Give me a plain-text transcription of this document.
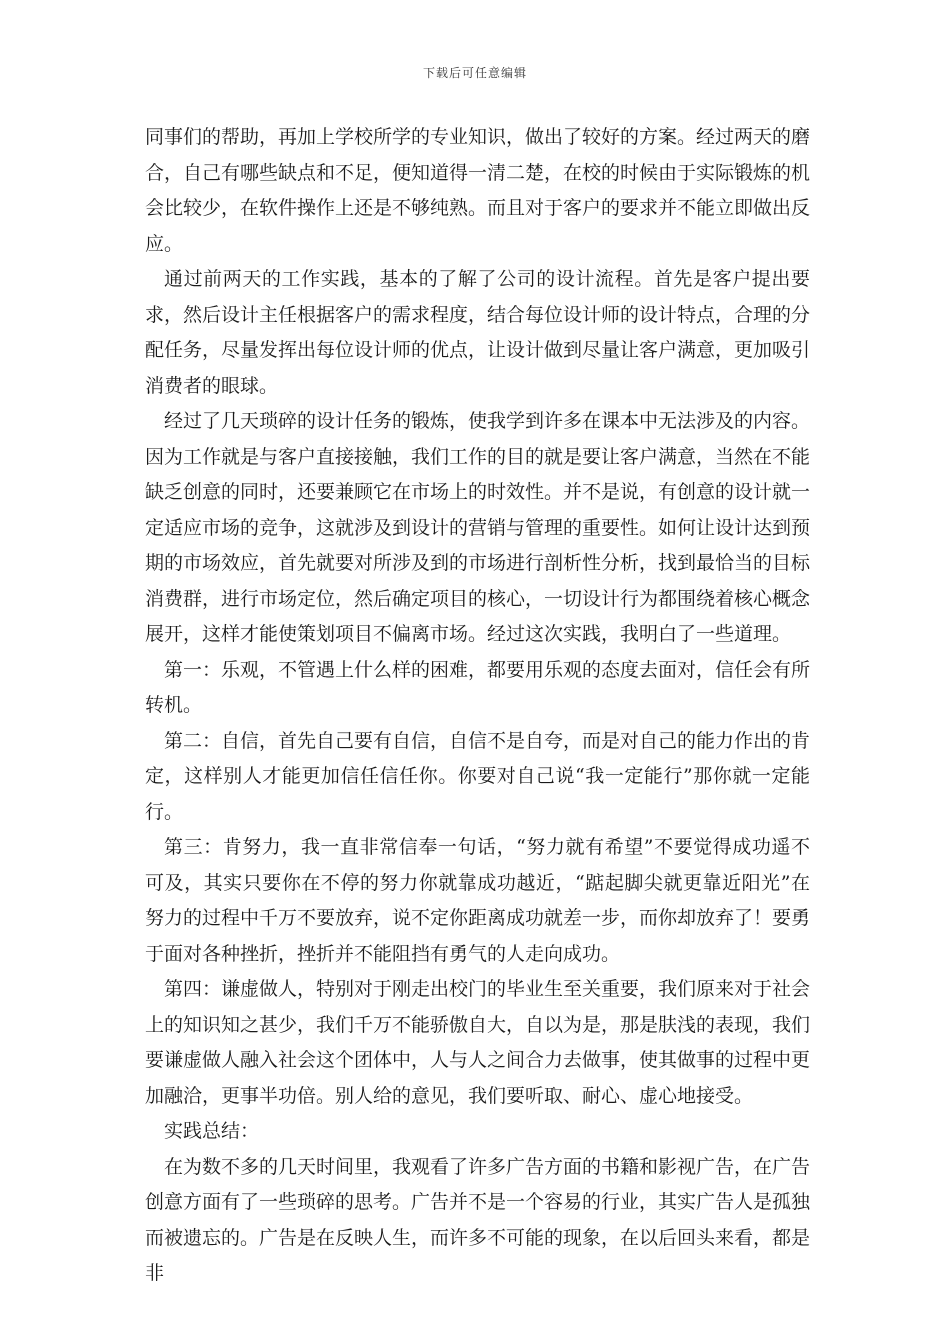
下载后可任意编辑

同事们的帮助，再加上学校所学的专业知识，做出了较好的方案。经过两天的磨合，自己有哪些缺点和不足，便知道得一清二楚，在校的时候由于实际锻炼的机会比较少，在软件操作上还是不够纯熟。而且对于客户的要求并不能立即做出反应。

通过前两天的工作实践，基本的了解了公司的设计流程。首先是客户提出要求，然后设计主任根据客户的需求程度，结合每位设计师的设计特点，合理的分配任务，尽量发挥出每位设计师的优点，让设计做到尽量让客户满意，更加吸引消费者的眼球。

经过了几天琐碎的设计任务的锻炼，使我学到许多在课本中无法涉及的内容。因为工作就是与客户直接接触，我们工作的目的就是要让客户满意，当然在不能缺乏创意的同时，还要兼顾它在市场上的时效性。并不是说，有创意的设计就一定适应市场的竞争，这就涉及到设计的营销与管理的重要性。如何让设计达到预期的市场效应，首先就要对所涉及到的市场进行剖析性分析，找到最恰当的目标消费群，进行市场定位，然后确定项目的核心，一切设计行为都围绕着核心概念展开，这样才能使策划项目不偏离市场。经过这次实践，我明白了一些道理。

第一：乐观，不管遇上什么样的困难，都要用乐观的态度去面对，信任会有所转机。

第二：自信，首先自己要有自信，自信不是自夸，而是对自己的能力作出的肯定，这样别人才能更加信任信任你。你要对自己说“我一定能行”那你就一定能行。

第三：肯努力，我一直非常信奉一句话，“努力就有希望”不要觉得成功遥不可及，其实只要你在不停的努力你就靠成功越近，“踮起脚尖就更靠近阳光”在努力的过程中千万不要放弃，说不定你距离成功就差一步，而你却放弃了！要勇于面对各种挫折，挫折并不能阻挡有勇气的人走向成功。

第四：谦虚做人，特别对于刚走出校门的毕业生至关重要，我们原来对于社会上的知识知之甚少，我们千万不能骄傲自大，自以为是，那是肤浅的表现，我们要谦虚做人融入社会这个团体中，人与人之间合力去做事，使其做事的过程中更加融洽，更事半功倍。别人给的意见，我们要听取、耐心、虚心地接受。

实践总结：

在为数不多的几天时间里，我观看了许多广告方面的书籍和影视广告，在广告创意方面有了一些琐碎的思考。广告并不是一个容易的行业，其实广告人是孤独而被遗忘的。广告是在反映人生，而许多不可能的现象，在以后回头来看，都是非
